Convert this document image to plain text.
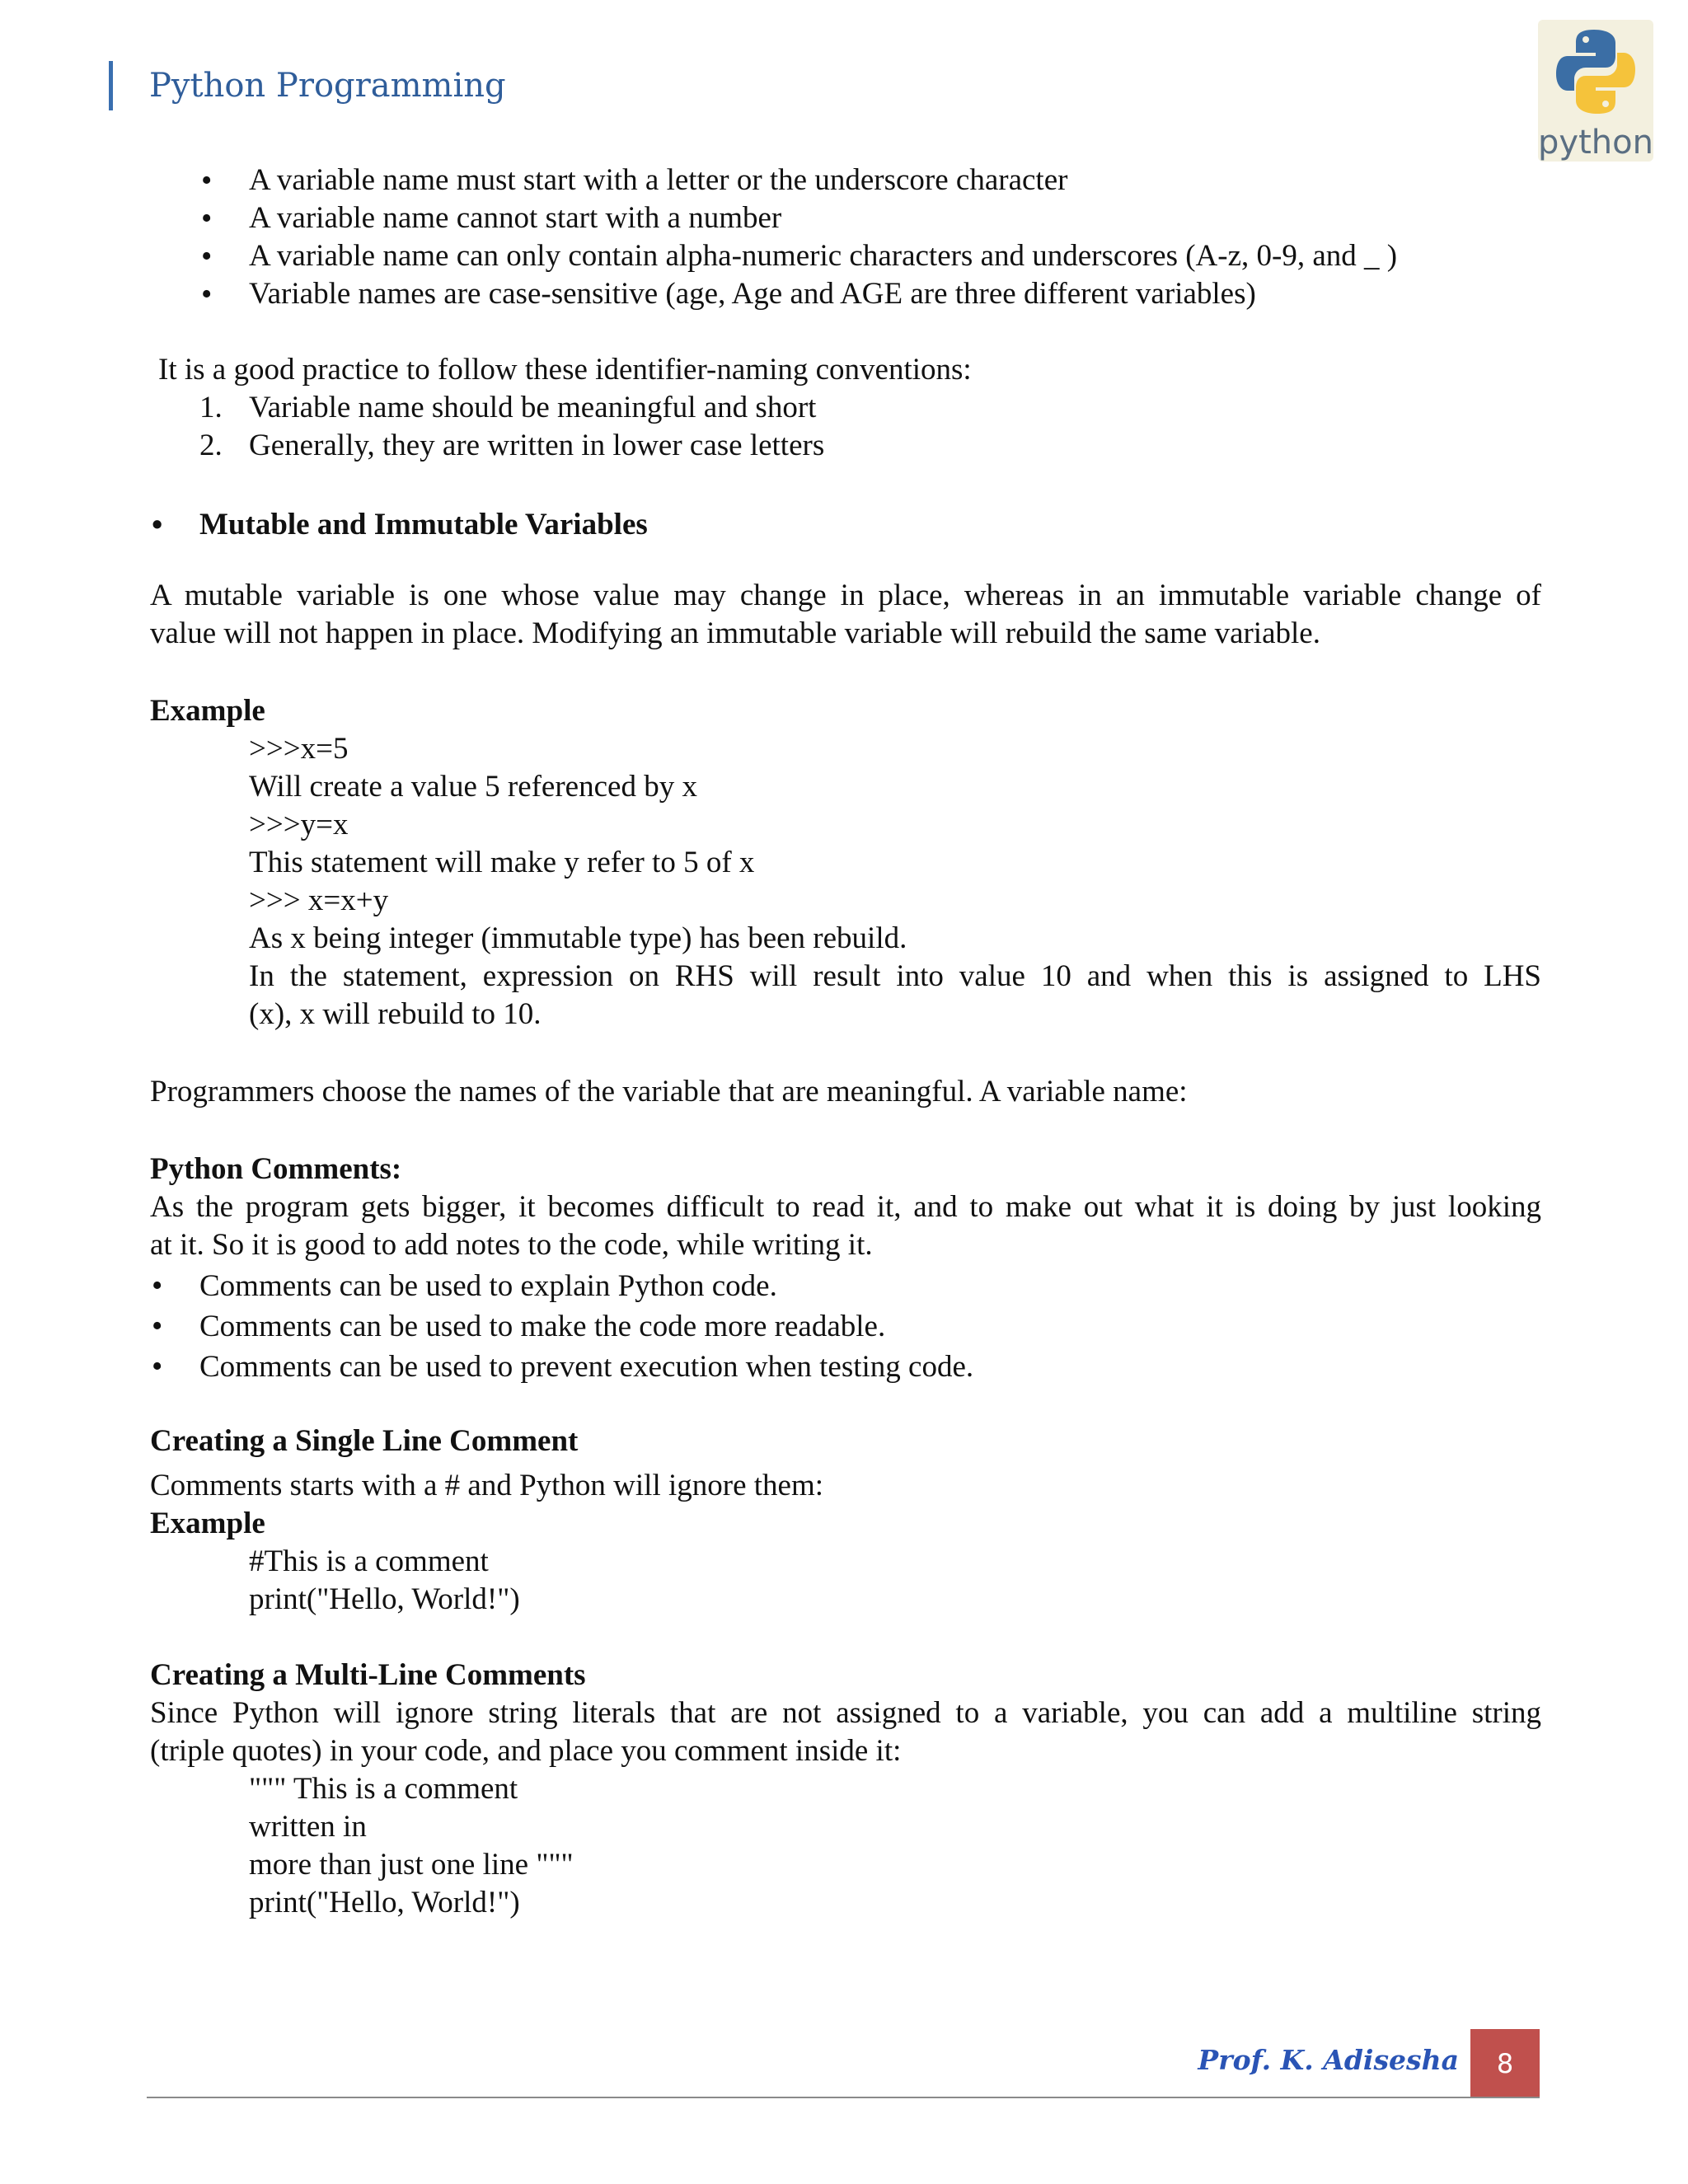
Python Programming
python
• A variable name must start with a letter or the underscore character
• A variable name cannot start with a number
• A variable name can only contain alpha-numeric characters and underscores (A-z, 0-9, and _ )
• Variable names are case-sensitive (age, Age and AGE are three different variables)
It is a good practice to follow these identifier-naming conventions:
1. Variable name should be meaningful and short
2. Generally, they are written in lower case letters
• Mutable and Immutable Variables
A mutable variable is one whose value may change in place, whereas in an immutable variable change of
value will not happen in place. Modifying an immutable variable will rebuild the same variable.
Example
>>>x=5
Will create a value 5 referenced by x
>>>y=x
This statement will make y refer to 5 of x
>>> x=x+y
As x being integer (immutable type) has been rebuild.
In the statement, expression on RHS will result into value 10 and when this is assigned to LHS
(x), x will rebuild to 10.
Programmers choose the names of the variable that are meaningful. A variable name:
Python Comments:
As the program gets bigger, it becomes difficult to read it, and to make out what it is doing by just looking
at it. So it is good to add notes to the code, while writing it.
• Comments can be used to explain Python code.
• Comments can be used to make the code more readable.
• Comments can be used to prevent execution when testing code.
Creating a Single Line Comment
Comments starts with a # and Python will ignore them:
Example
#This is a comment
print("Hello, World!")
Creating a Multi-Line Comments
Since Python will ignore string literals that are not assigned to a variable, you can add a multiline string
(triple quotes) in your code, and place you comment inside it:
""" This is a comment
written in
more than just one line """
print("Hello, World!")
Prof. K. Adisesha	8
